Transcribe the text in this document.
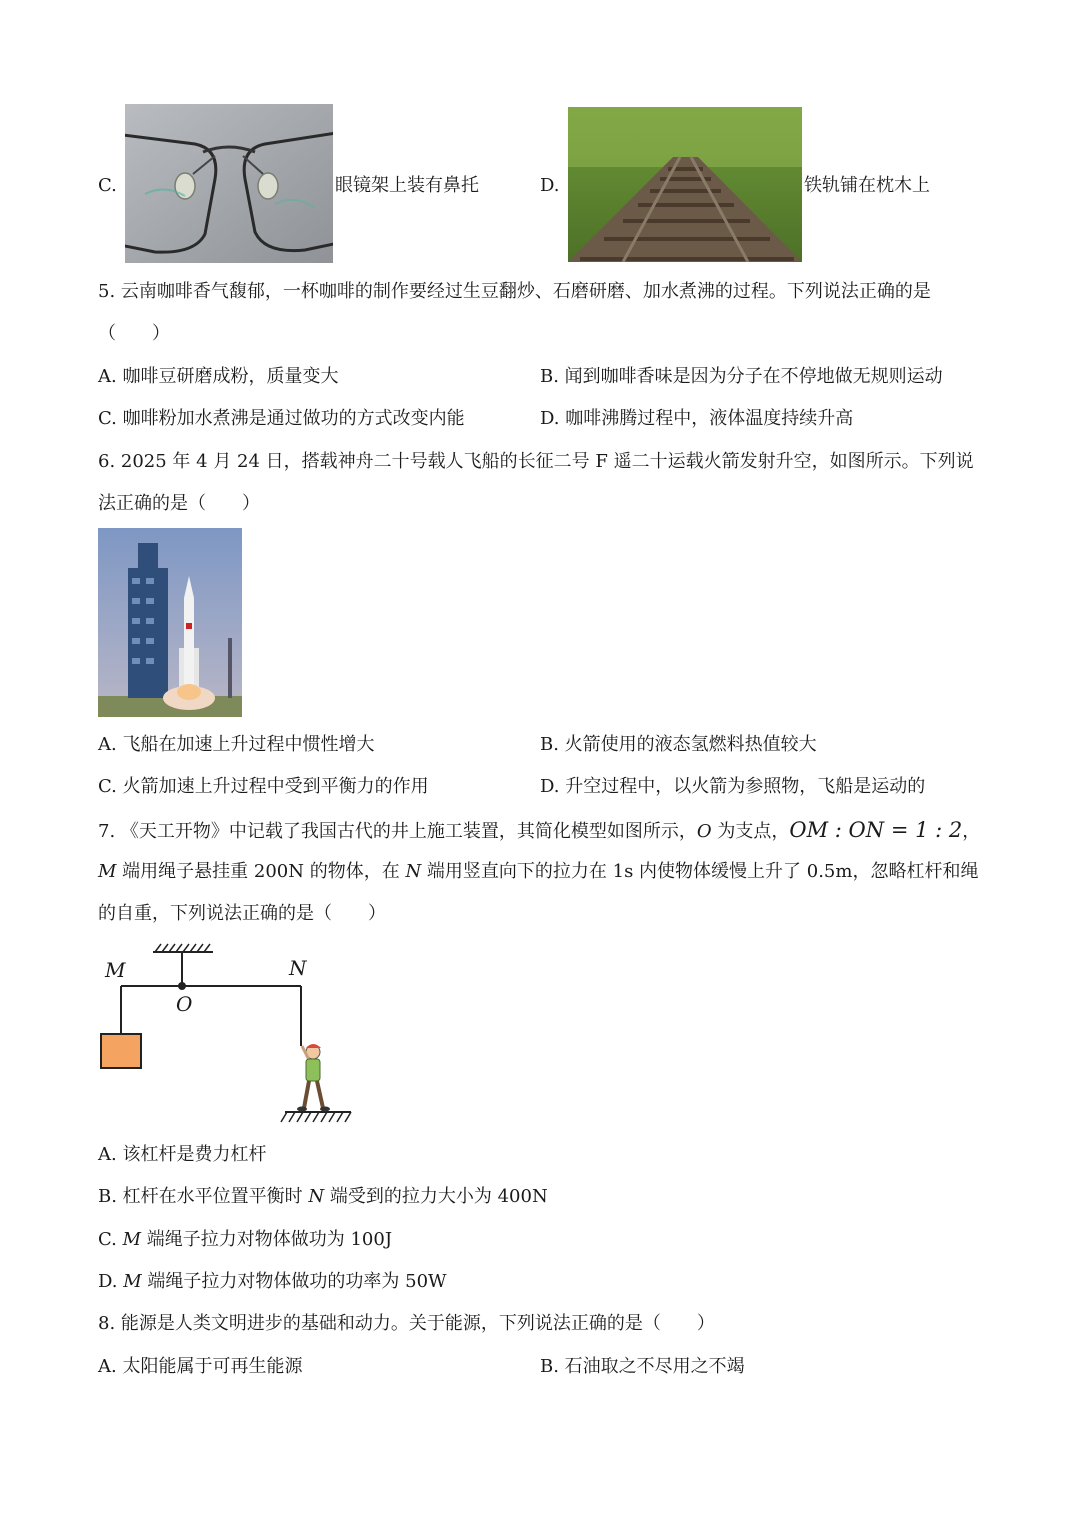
C.	眼镜架上装有鼻托	D.	铁轨铺在枕木上
5. 云南咖啡香气馥郁，一杯咖啡的制作要经过生豆翻炒、石磨研磨、加水煮沸的过程。下列说法正确的是
（　　）
A. 咖啡豆研磨成粉，质量变大	B. 闻到咖啡香味是因为分子在不停地做无规则运动
C. 咖啡粉加水煮沸是通过做功的方式改变内能	D. 咖啡沸腾过程中，液体温度持续升高
6. 2025 年 4 月 24 日，搭载神舟二十号载人飞船的长征二号 F 遥二十运载火箭发射升空，如图所示。下列说
法正确的是（　　）
A. 飞船在加速上升过程中惯性增大	B. 火箭使用的液态氢燃料热值较大
C. 火箭加速上升过程中受到平衡力的作用	D. 升空过程中，以火箭为参照物，飞船是运动的
7. 《天工开物》中记载了我国古代的井上施工装置，其简化模型如图所示，O 为支点，OM : ON = 1 : 2，
M 端用绳子悬挂重 200N 的物体，在 N 端用竖直向下的拉力在 1s 内使物体缓慢上升了 0.5m，忽略杠杆和绳
的自重，下列说法正确的是（　　）
M	N
O
A. 该杠杆是费力杠杆
B. 杠杆在水平位置平衡时 N 端受到的拉力大小为 400N
C. M 端绳子拉力对物体做功为 100J
D. M 端绳子拉力对物体做功的功率为 50W
8. 能源是人类文明进步的基础和动力。关于能源，下列说法正确的是（　　）
A. 太阳能属于可再生能源	B. 石油取之不尽用之不竭
